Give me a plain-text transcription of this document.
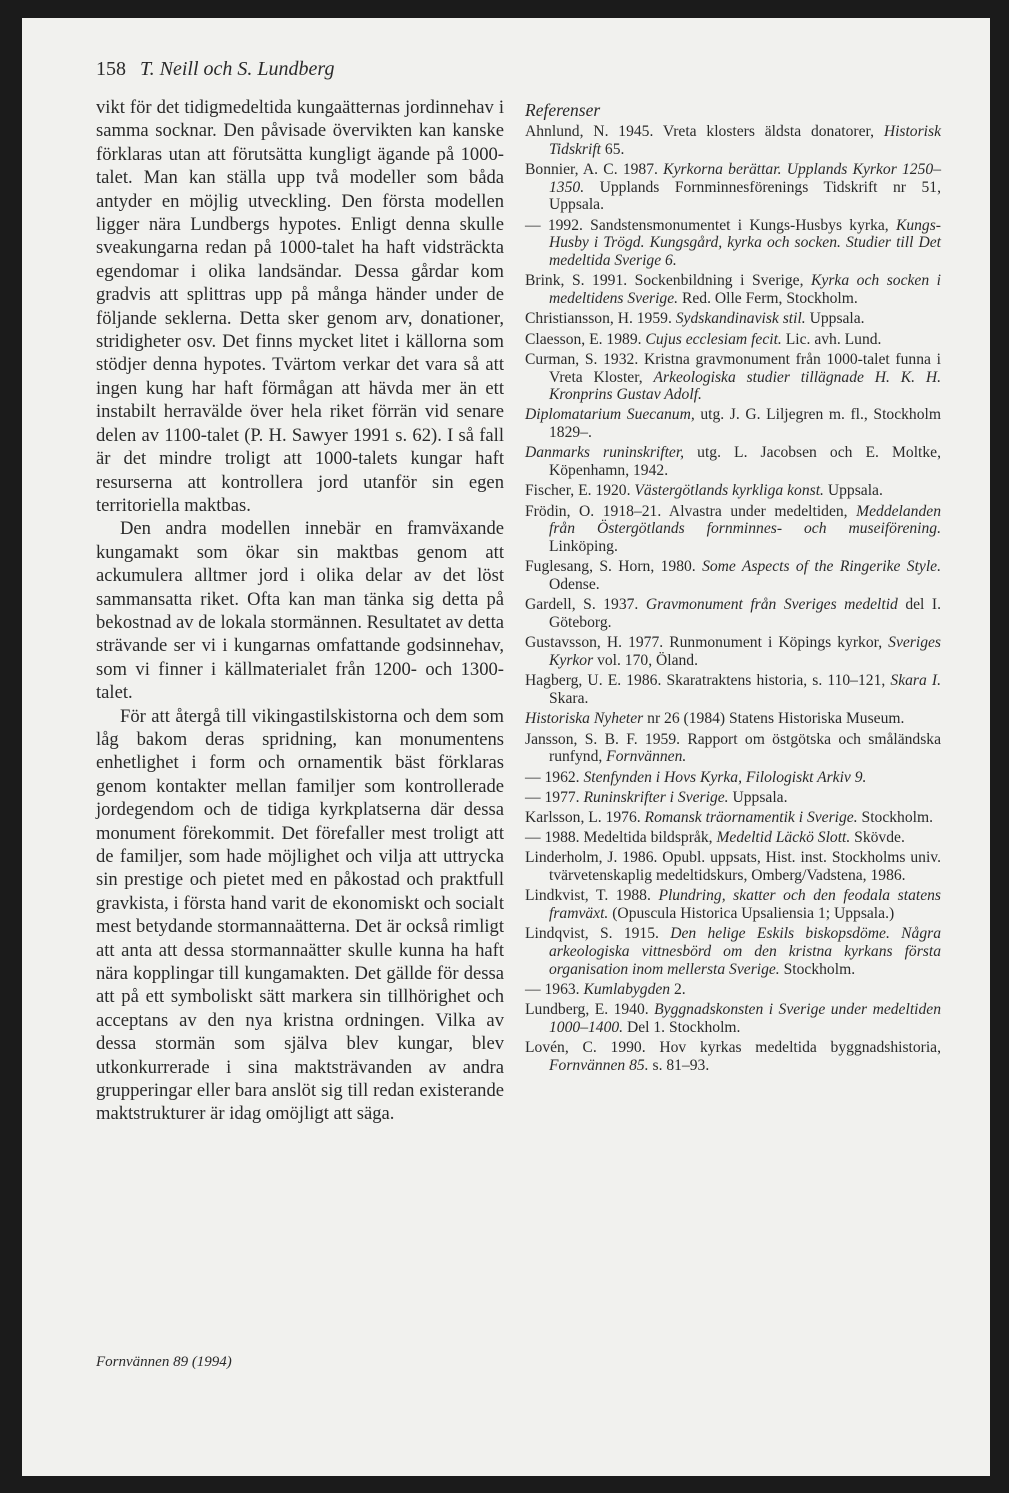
158 T. Neill och S. Lundberg

vikt för det tidigmedeltida kungaätternas jordinnehav i samma socknar. Den påvisade övervikten kan kanske förklaras utan att förutsätta kungligt ägande på 1000-talet. Man kan ställa upp två modeller som båda antyder en möjlig utveckling. Den första modellen ligger nära Lundbergs hypotes. Enligt denna skulle sveakungarna redan på 1000-talet ha haft vidsträckta egendomar i olika landsändar. Dessa gårdar kom gradvis att splittras upp på många händer under de följande seklerna. Detta sker genom arv, donationer, stridigheter osv. Det finns mycket litet i källorna som stödjer denna hypotes. Tvärtom verkar det vara så att ingen kung har haft förmågan att hävda mer än ett instabilt herravälde över hela riket förrän vid senare delen av 1100-talet (P. H. Sawyer 1991 s. 62). I så fall är det mindre troligt att 1000-talets kungar haft resurserna att kontrollera jord utanför sin egen territoriella maktbas.

Den andra modellen innebär en framväxande kungamakt som ökar sin maktbas genom att ackumulera alltmer jord i olika delar av det löst sammansatta riket. Ofta kan man tänka sig detta på bekostnad av de lokala stormännen. Resultatet av detta strävande ser vi i kungarnas omfattande godsinnehav, som vi finner i källmaterialet från 1200- och 1300-talet.

För att återgå till vikingastilskistorna och dem som låg bakom deras spridning, kan monumentens enhetlighet i form och ornamentik bäst förklaras genom kontakter mellan familjer som kontrollerade jordegendom och de tidiga kyrkplatserna där dessa monument förekommit. Det förefaller mest troligt att de familjer, som hade möjlighet och vilja att uttrycka sin prestige och pietet med en påkostad och praktfull gravkista, i första hand varit de ekonomiskt och socialt mest betydande stormannaätterna. Det är också rimligt att anta att dessa stormannaätter skulle kunna ha haft nära kopplingar till kungamakten. Det gällde för dessa att på ett symboliskt sätt markera sin tillhörighet och acceptans av den nya kristna ordningen. Vilka av dessa stormän som själva blev kungar, blev utkonkurrerade i sina maktsträvanden av andra grupperingar eller bara anslöt sig till redan existerande maktstrukturer är idag omöjligt att säga.

Referenser
Ahnlund, N. 1945. Vreta klosters äldsta donatorer, Historisk Tidskrift 65.
Bonnier, A. C. 1987. Kyrkorna berättar. Upplands Kyrkor 1250–1350. Upplands Fornminnesförenings Tidskrift nr 51, Uppsala.
— 1992. Sandstensmonumentet i Kungs-Husbys kyrka, Kungs-Husby i Trögd. Kungsgård, kyrka och socken. Studier till Det medeltida Sverige 6.
Brink, S. 1991. Sockenbildning i Sverige, Kyrka och socken i medeltidens Sverige. Red. Olle Ferm, Stockholm.
Christiansson, H. 1959. Sydskandinavisk stil. Uppsala.
Claesson, E. 1989. Cujus ecclesiam fecit. Lic. avh. Lund.
Curman, S. 1932. Kristna gravmonument från 1000-talet funna i Vreta Kloster, Arkeologiska studier tillägnade H. K. H. Kronprins Gustav Adolf.
Diplomatarium Suecanum, utg. J. G. Liljegren m. fl., Stockholm 1829–.
Danmarks runinskrifter, utg. L. Jacobsen och E. Moltke, Köpenhamn, 1942.
Fischer, E. 1920. Västergötlands kyrkliga konst. Uppsala.
Frödin, O. 1918–21. Alvastra under medeltiden, Meddelanden från Östergötlands fornminnes- och museiförening. Linköping.
Fuglesang, S. Horn, 1980. Some Aspects of the Ringerike Style. Odense.
Gardell, S. 1937. Gravmonument från Sveriges medeltid del I. Göteborg.
Gustavsson, H. 1977. Runmonument i Köpings kyrkor, Sveriges Kyrkor vol. 170, Öland.
Hagberg, U. E. 1986. Skaratraktens historia, s. 110–121, Skara I. Skara.
Historiska Nyheter nr 26 (1984) Statens Historiska Museum.
Jansson, S. B. F. 1959. Rapport om östgötska och småländska runfynd, Fornvännen.
— 1962. Stenfynden i Hovs Kyrka, Filologiskt Arkiv 9.
— 1977. Runinskrifter i Sverige. Uppsala.
Karlsson, L. 1976. Romansk träornamentik i Sverige. Stockholm.
— 1988. Medeltida bildspråk, Medeltid Läckö Slott. Skövde.
Linderholm, J. 1986. Opubl. uppsats, Hist. inst. Stockholms univ. tvärvetenskaplig medeltidskurs, Omberg/Vadstena, 1986.
Lindkvist, T. 1988. Plundring, skatter och den feodala statens framväxt. (Opuscula Historica Upsaliensia 1; Uppsala.)
Lindqvist, S. 1915. Den helige Eskils biskopsdöme. Några arkeologiska vittnesbörd om den kristna kyrkans första organisation inom mellersta Sverige. Stockholm.
— 1963. Kumlabygden 2.
Lundberg, E. 1940. Byggnadskonsten i Sverige under medeltiden 1000–1400. Del 1. Stockholm.
Lovén, C. 1990. Hov kyrkas medeltida byggnadshistoria, Fornvännen 85. s. 81–93.
Fornvännen 89 (1994)
